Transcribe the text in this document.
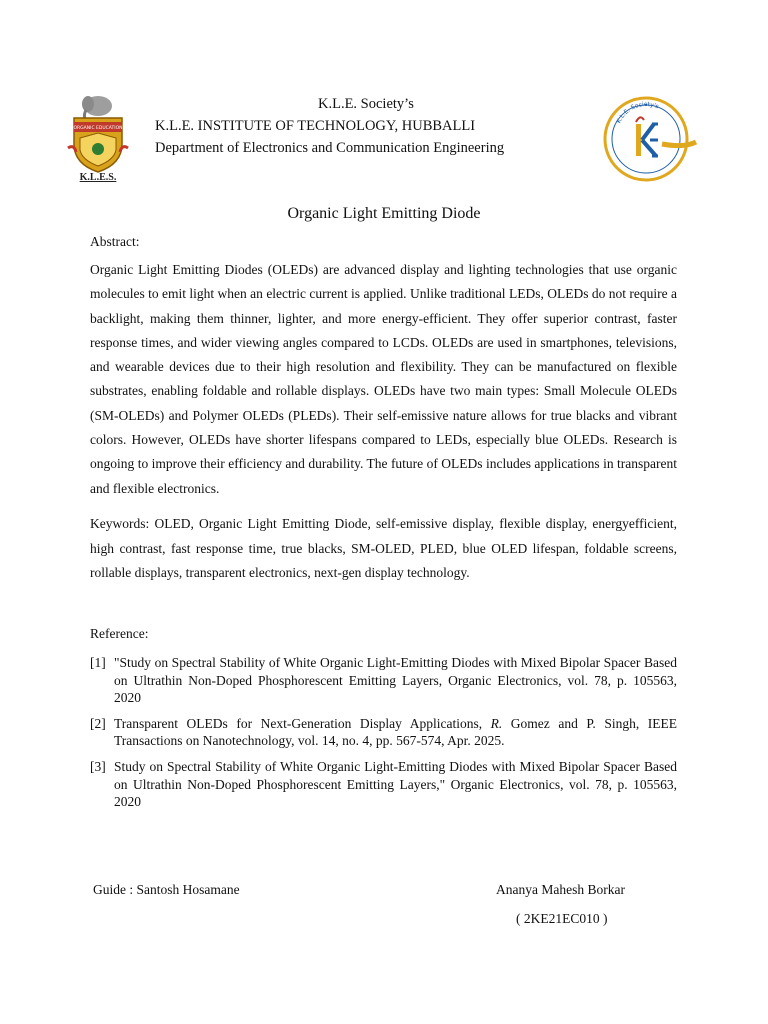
ORGANIC EDUCATION
K.L.E.S.
K.L.E. Society’s
K.L.E. INSTITUTE OF TECHNOLOGY, HUBBALLI
Department of Electronics and Communication Engineering
K.L.E. Society's
Organic Light Emitting Diode
Abstract:

Organic Light Emitting Diodes (OLEDs) are advanced display and lighting technologies that use organic molecules to emit light when an electric current is applied. Unlike traditional LEDs, OLEDs do not require a backlight, making them thinner, lighter, and more energy-efficient. They offer superior contrast, faster response times, and wider viewing angles compared to LCDs. OLEDs are used in smartphones, televisions, and wearable devices due to their high resolution and flexibility. They can be manufactured on flexible substrates, enabling foldable and rollable displays. OLEDs have two main types: Small Molecule OLEDs (SM-OLEDs) and Polymer OLEDs (PLEDs). Their self-emissive nature allows for true blacks and vibrant colors. However, OLEDs have shorter lifespans compared to LEDs, especially blue OLEDs. Research is ongoing to improve their efficiency and durability. The future of OLEDs includes applications in transparent and flexible electronics.

Keywords: OLED, Organic Light Emitting Diode, self-emissive display, flexible display, energyefficient, high contrast, fast response time, true blacks, SM-OLED, PLED, blue OLED lifespan, foldable screens, rollable displays, transparent electronics, next-gen display technology.

Reference:
[1] "Study on Spectral Stability of White Organic Light-Emitting Diodes with Mixed Bipolar Spacer Based on Ultrathin Non-Doped Phosphorescent Emitting Layers, Organic Electronics, vol. 78, p. 105563, 2020
[2] Transparent OLEDs for Next-Generation Display Applications, R. Gomez and P. Singh, IEEE Transactions on Nanotechnology, vol. 14, no. 4, pp. 567-574, Apr. 2025.
[3] Study on Spectral Stability of White Organic Light-Emitting Diodes with Mixed Bipolar Spacer Based on Ultrathin Non-Doped Phosphorescent Emitting Layers," Organic Electronics, vol. 78, p. 105563, 2020
Guide : Santosh Hosamane	Ananya Mahesh Borkar
( 2KE21EC010 )
